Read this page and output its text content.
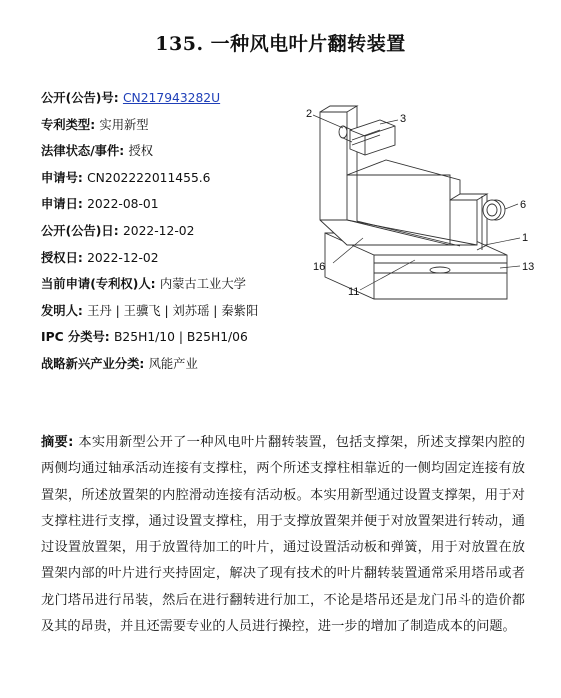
135. 一种风电叶片翻转装置
公开(公告)号: CN217943282U
专利类型: 实用新型
法律状态/事件: 授权
申请号: CN202222011455.6
申请日: 2022-08-01
公开(公告)日: 2022-12-02
授权日: 2022-12-02
当前申请(专利权)人: 内蒙古工业大学
发明人: 王丹 | 王骥飞 | 刘苏瑶 | 秦紫阳
IPC 分类号: B25H1/10 | B25H1/06
战略新兴产业分类: 风能产业
2	3
6
1
13
16
11
摘要: 本实用新型公开了一种风电叶片翻转装置，包括支撑架，所述支撑架内腔的两侧均通过轴承活动连接有支撑柱，两个所述支撑柱相靠近的一侧均固定连接有放置架，所述放置架的内腔滑动连接有活动板。本实用新型通过设置支撑架，用于对支撑柱进行支撑，通过设置支撑柱，用于支撑放置架并便于对放置架进行转动，通过设置放置架，用于放置待加工的叶片，通过设置活动板和弹簧，用于对放置在放置架内部的叶片进行夹持固定，解决了现有技术的叶片翻转装置通常采用塔吊或者龙门塔吊进行吊装，然后在进行翻转进行加工，不论是塔吊还是龙门吊斗的造价都及其的昂贵，并且还需要专业的人员进行操控，进一步的增加了制造成本的问题。
